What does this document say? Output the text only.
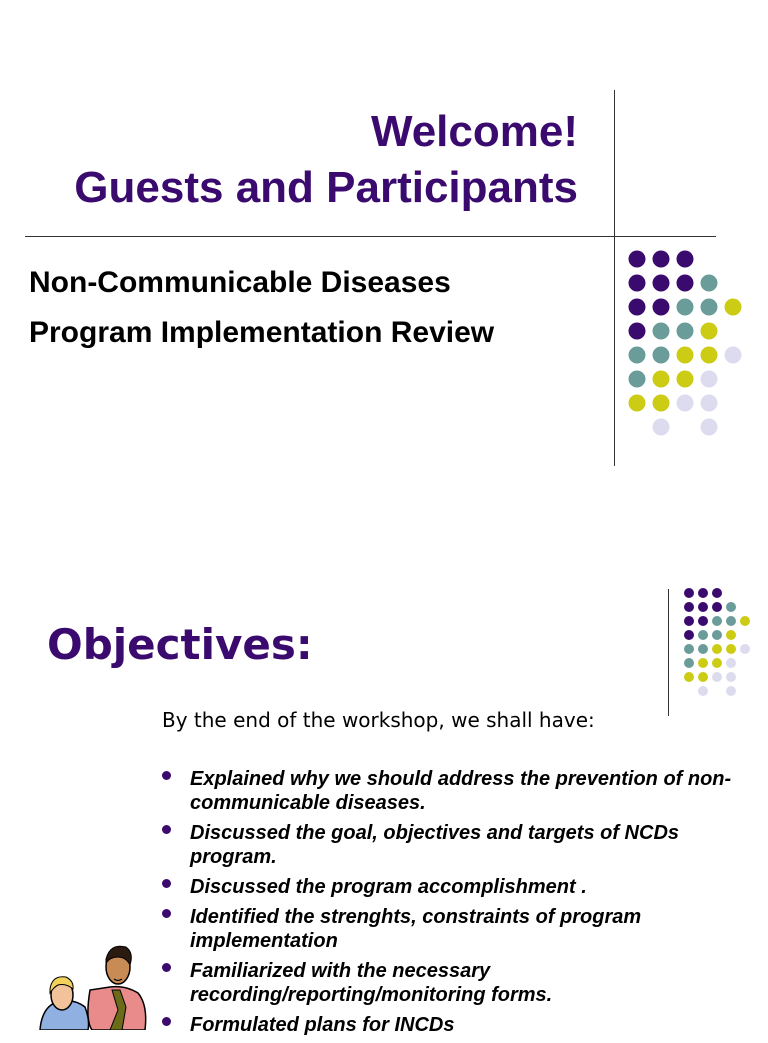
Welcome!
Guests and Participants
Non-Communicable Diseases
Program Implementation Review
Objectives:
By the end of the workshop, we shall have:
Explained why we should address the prevention of non-communicable diseases.
Discussed the goal, objectives and targets of NCDs program.
Discussed the program accomplishment .
Identified the strenghts, constraints of program implementation
Familiarized with the necessary recording/reporting/monitoring forms.
Formulated plans for INCDs
